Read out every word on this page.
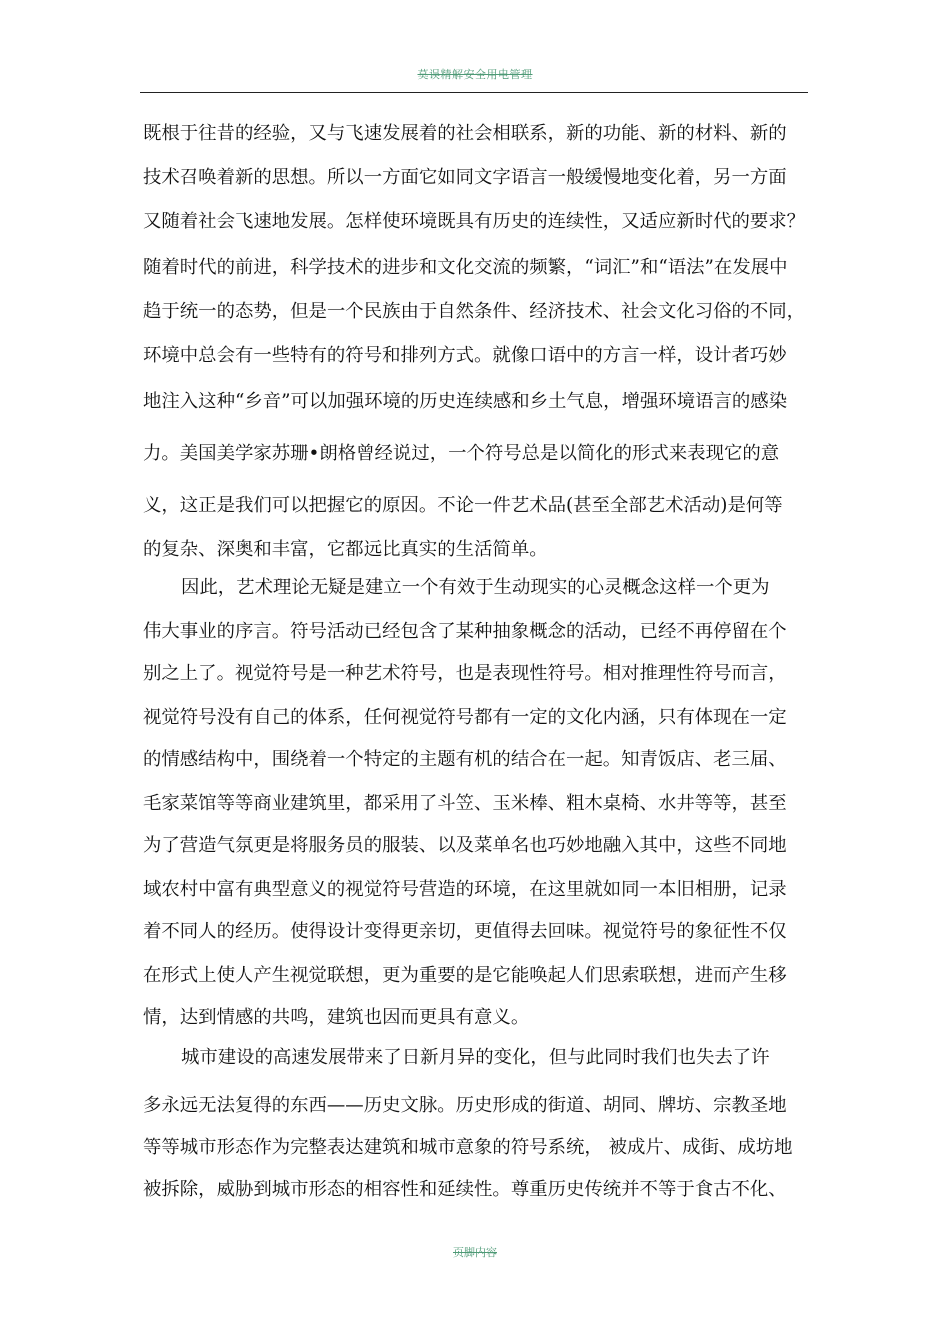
莫误精解安全用电管理
既根于往昔的经验，又与飞速发展着的社会相联系，新的功能、新的材料、新的
技术召唤着新的思想。所以一方面它如同文字语言一般缓慢地变化着，另一方面
又随着社会飞速地发展。怎样使环境既具有历史的连续性，又适应新时代的要求？
随着时代的前进，科学技术的进步和文化交流的频繁，“词汇”和“语法”在发展中
趋于统一的态势，但是一个民族由于自然条件、经济技术、社会文化习俗的不同，
环境中总会有一些特有的符号和排列方式。就像口语中的方言一样，设计者巧妙
地注入这种“乡音”可以加强环境的历史连续感和乡土气息，增强环境语言的感染
力。美国美学家苏珊•朗格曾经说过，一个符号总是以简化的形式来表现它的意
义，这正是我们可以把握它的原因。不论一件艺术品(甚至全部艺术活动)是何等
的复杂、深奥和丰富，它都远比真实的生活简单。
因此，艺术理论无疑是建立一个有效于生动现实的心灵概念这样一个更为
伟大事业的序言。符号活动已经包含了某种抽象概念的活动，已经不再停留在个
别之上了。视觉符号是一种艺术符号，也是表现性符号。相对推理性符号而言，
视觉符号没有自己的体系，任何视觉符号都有一定的文化内涵，只有体现在一定
的情感结构中，围绕着一个特定的主题有机的结合在一起。知青饭店、老三届、
毛家菜馆等等商业建筑里，都采用了斗笠、玉米棒、粗木桌椅、水井等等，甚至
为了营造气氛更是将服务员的服装、以及菜单名也巧妙地融入其中，这些不同地
域农村中富有典型意义的视觉符号营造的环境，在这里就如同一本旧相册，记录
着不同人的经历。使得设计变得更亲切，更值得去回味。视觉符号的象征性不仅
在形式上使人产生视觉联想，更为重要的是它能唤起人们思索联想，进而产生移
情，达到情感的共鸣，建筑也因而更具有意义。
城市建设的高速发展带来了日新月异的变化，但与此同时我们也失去了许
多永远无法复得的东西——历史文脉。历史形成的街道、胡同、牌坊、宗教圣地
等等城市形态作为完整表达建筑和城市意象的符号系统， 被成片、成街、成坊地
被拆除，威胁到城市形态的相容性和延续性。尊重历史传统并不等于食古不化、
页脚内容
